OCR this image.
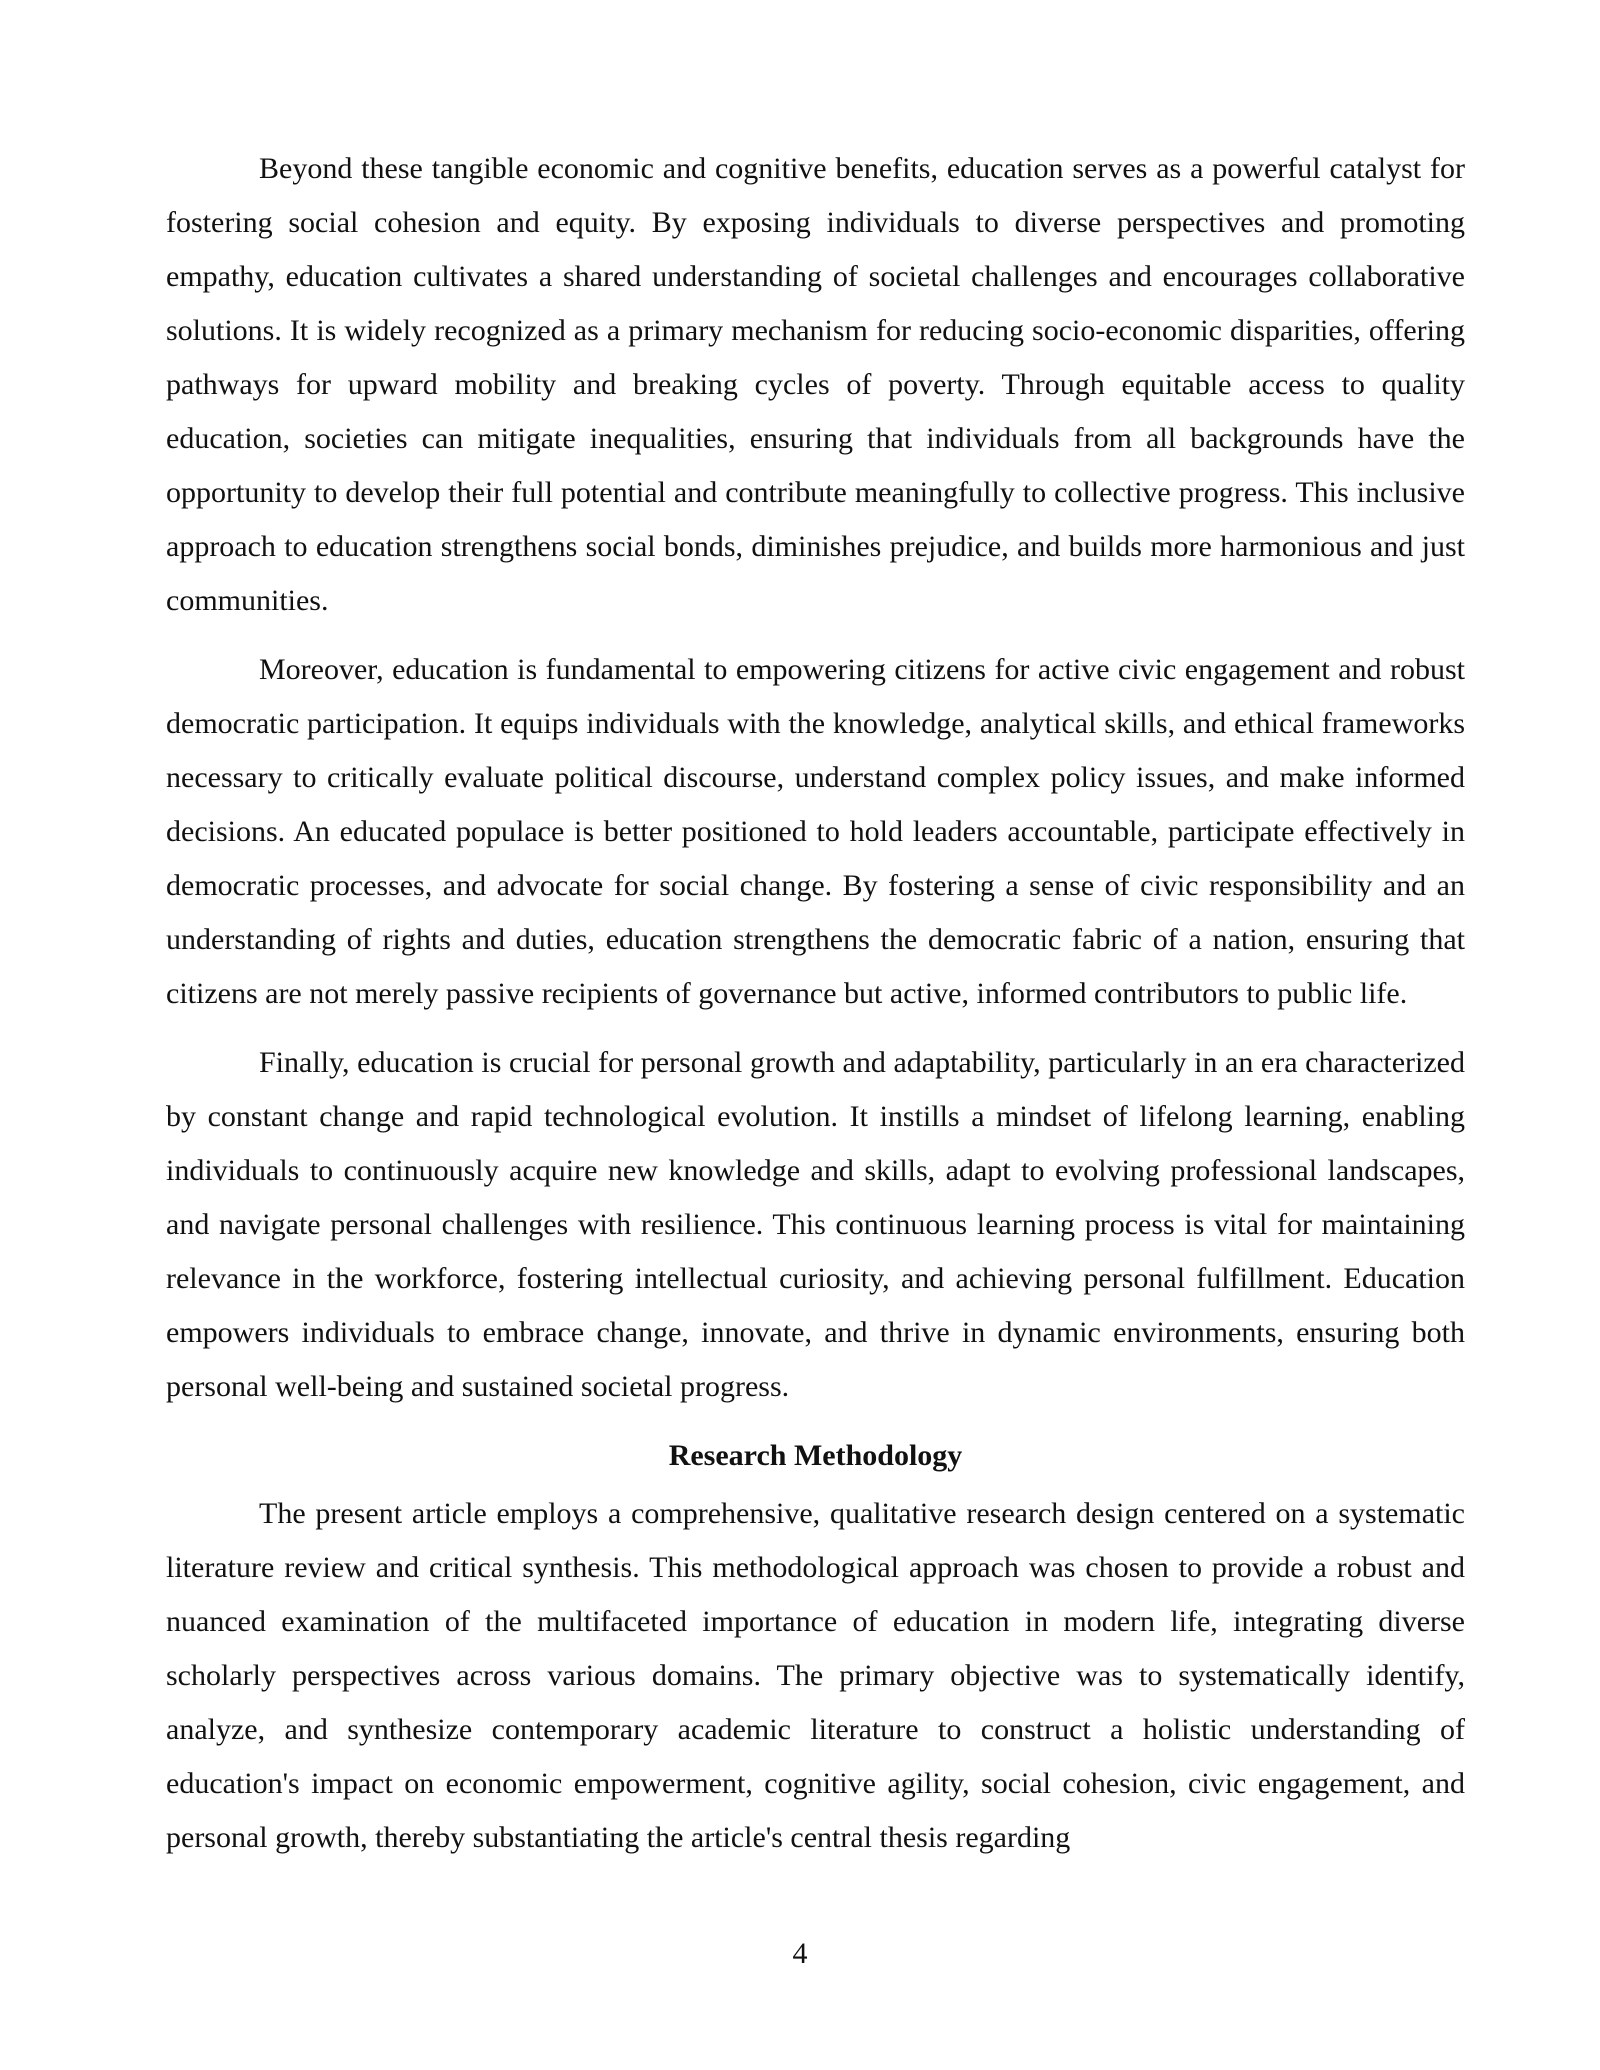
Beyond these tangible economic and cognitive benefits, education serves as a powerful catalyst for fostering social cohesion and equity. By exposing individuals to diverse perspectives and promoting empathy, education cultivates a shared understanding of societal challenges and encourages collaborative solutions. It is widely recognized as a primary mechanism for reducing socio-economic disparities, offering pathways for upward mobility and breaking cycles of poverty. Through equitable access to quality education, societies can mitigate inequalities, ensuring that individuals from all backgrounds have the opportunity to develop their full potential and contribute meaningfully to collective progress. This inclusive approach to education strengthens social bonds, diminishes prejudice, and builds more harmonious and just communities.

Moreover, education is fundamental to empowering citizens for active civic engagement and robust democratic participation. It equips individuals with the knowledge, analytical skills, and ethical frameworks necessary to critically evaluate political discourse, understand complex policy issues, and make informed decisions. An educated populace is better positioned to hold leaders accountable, participate effectively in democratic processes, and advocate for social change. By fostering a sense of civic responsibility and an understanding of rights and duties, education strengthens the democratic fabric of a nation, ensuring that citizens are not merely passive recipients of governance but active, informed contributors to public life.

Finally, education is crucial for personal growth and adaptability, particularly in an era characterized by constant change and rapid technological evolution. It instills a mindset of lifelong learning, enabling individuals to continuously acquire new knowledge and skills, adapt to evolving professional landscapes, and navigate personal challenges with resilience. This continuous learning process is vital for maintaining relevance in the workforce, fostering intellectual curiosity, and achieving personal fulfillment. Education empowers individuals to embrace change, innovate, and thrive in dynamic environments, ensuring both personal well-being and sustained societal progress.

Research Methodology

The present article employs a comprehensive, qualitative research design centered on a systematic literature review and critical synthesis. This methodological approach was chosen to provide a robust and nuanced examination of the multifaceted importance of education in modern life, integrating diverse scholarly perspectives across various domains. The primary objective was to systematically identify, analyze, and synthesize contemporary academic literature to construct a holistic understanding of education's impact on economic empowerment, cognitive agility, social cohesion, civic engagement, and personal growth, thereby substantiating the article's central thesis regarding

4
